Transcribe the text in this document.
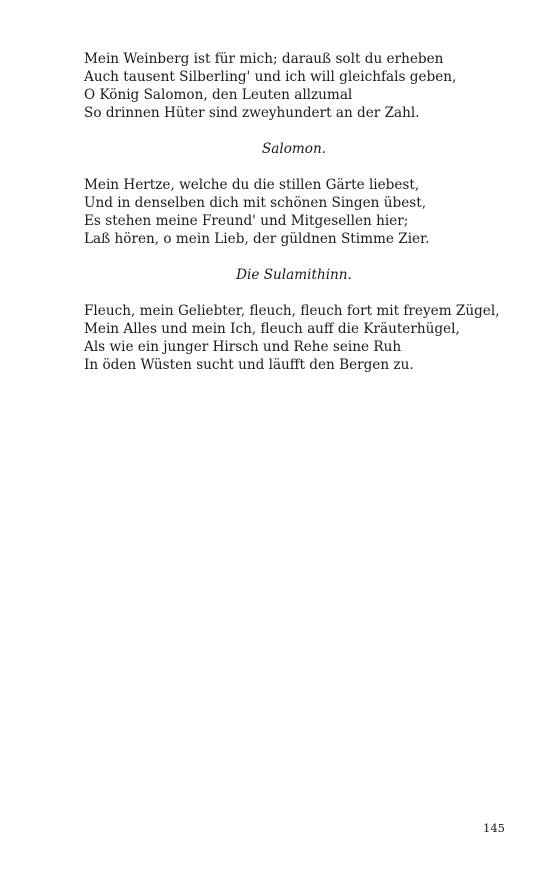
Mein Weinberg ist für mich; darauß solt du erheben
Auch tausent Silberling' und ich will gleichfals geben,
O König Salomon, den Leuten allzumal
So drinnen Hüter sind zweyhundert an der Zahl.
Salomon.
Mein Hertze, welche du die stillen Gärte liebest,
Und in denselben dich mit schönen Singen übest,
Es stehen meine Freund' und Mitgesellen hier;
Laß hören, o mein Lieb, der güldnen Stimme Zier.
Die Sulamithinn.
Fleuch, mein Geliebter, fleuch, fleuch fort mit freyem Zügel,
Mein Alles und mein Ich, fleuch auff die Kräuterhügel,
Als wie ein junger Hirsch und Rehe seine Ruh
In öden Wüsten sucht und läufft den Bergen zu.
145
